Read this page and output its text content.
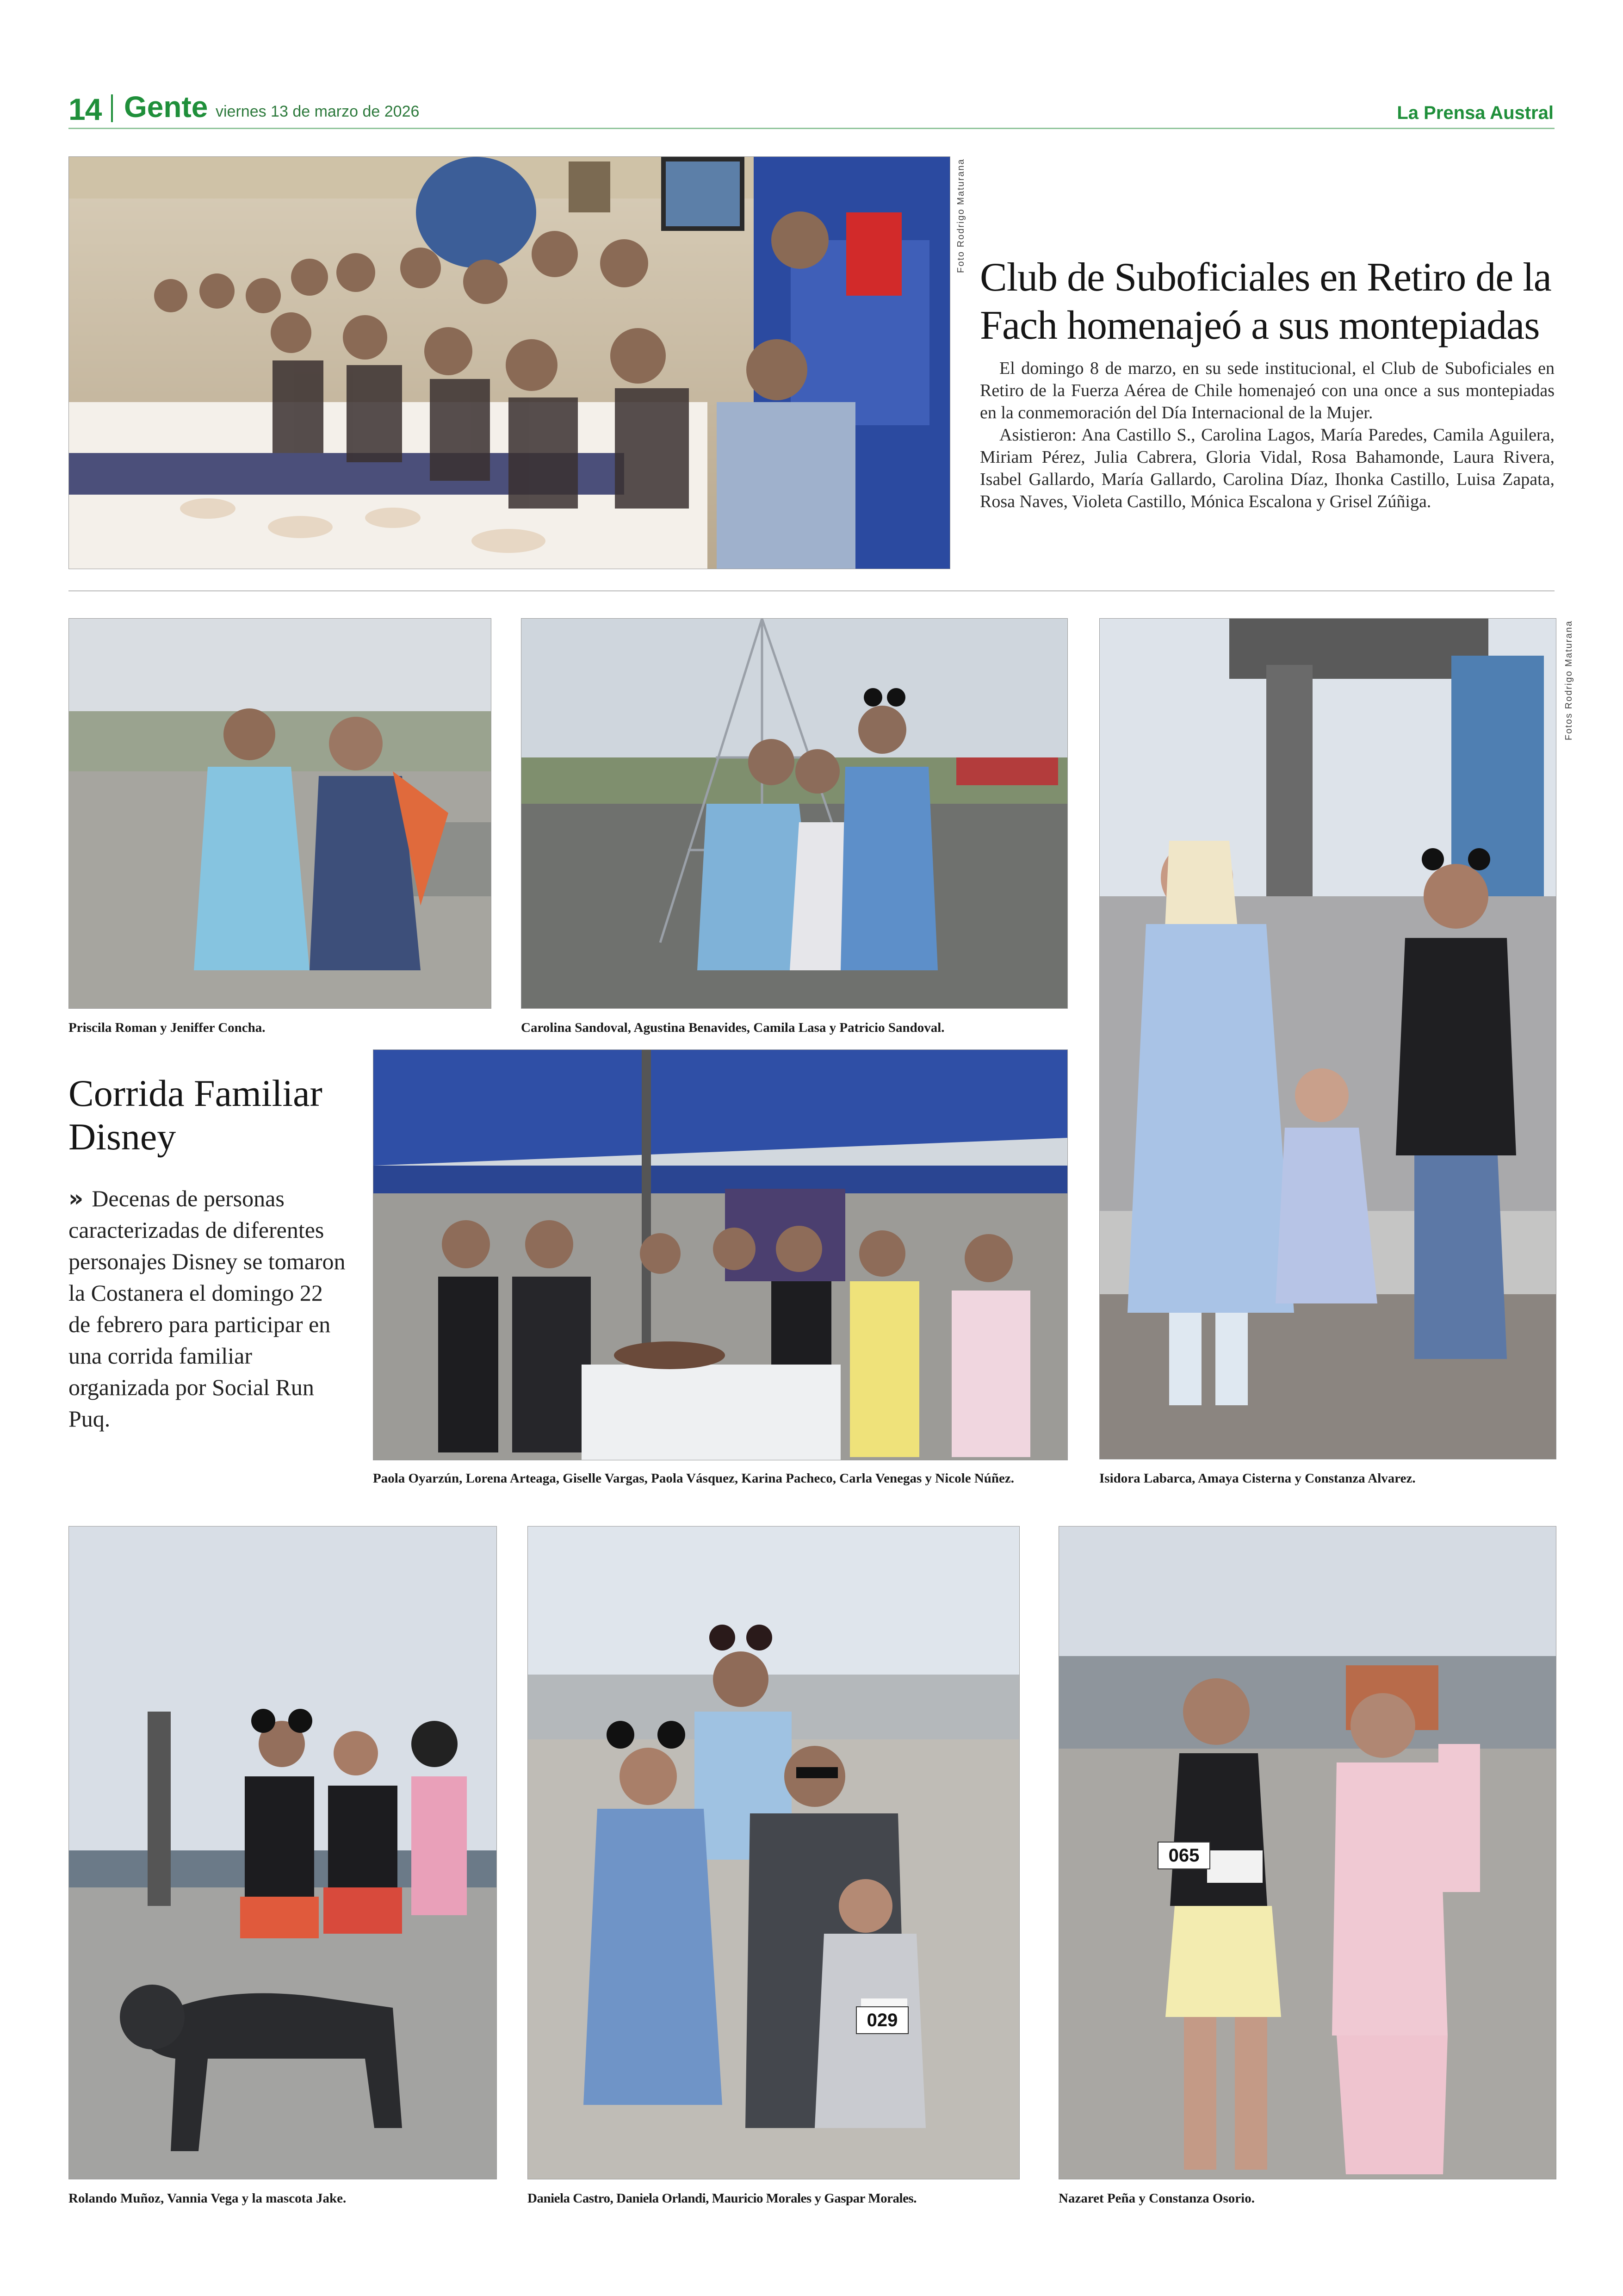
14 Gente viernes 13 de marzo de 2026	La Prensa Austral
Foto Rodrigo Maturana
Club de Suboficiales en Retiro de la Fach homenajeó a sus montepiadas

El domingo 8 de marzo, en su sede institucional, el Club de Suboficiales en Retiro de la Fuerza Aérea de Chile homenajeó con una once a sus montepiadas en la conmemoración del Día Internacional de la Mujer.

Asistieron: Ana Castillo S., Carolina Lagos, María Paredes, Camila Aguilera, Miriam Pérez, Julia Cabrera, Gloria Vidal, Rosa Bahamonde, Laura Rivera, Isabel Gallardo, María Gallardo, Carolina Díaz, Ihonka Castillo, Luisa Zapata, Rosa Naves, Violeta Castillo, Mónica Escalona y Grisel Zúñiga.

Priscila Roman y Jeniffer Concha.	Carolina Sandoval, Agustina Benavides, Camila Lasa y Patricio Sandoval.
Fotos Rodrigo Maturana
Isidora Labarca, Amaya Cisterna y Constanza Alvarez.
Corrida Familiar Disney
» Decenas de personas caracterizadas de diferentes personajes Disney se tomaron la Costanera el domingo 22 de febrero para participar en una corrida familiar organizada por Social Run Puq.
Paola Oyarzún, Lorena Arteaga, Giselle Vargas, Paola Vásquez, Karina Pacheco, Carla Venegas y Nicole Núñez.
Rolando Muñoz, Vannia Vega y la mascota Jake.	Daniela Castro, Daniela Orlandi, Mauricio Morales y Gaspar Morales.	Nazaret Peña y Constanza Osorio.
065
029
